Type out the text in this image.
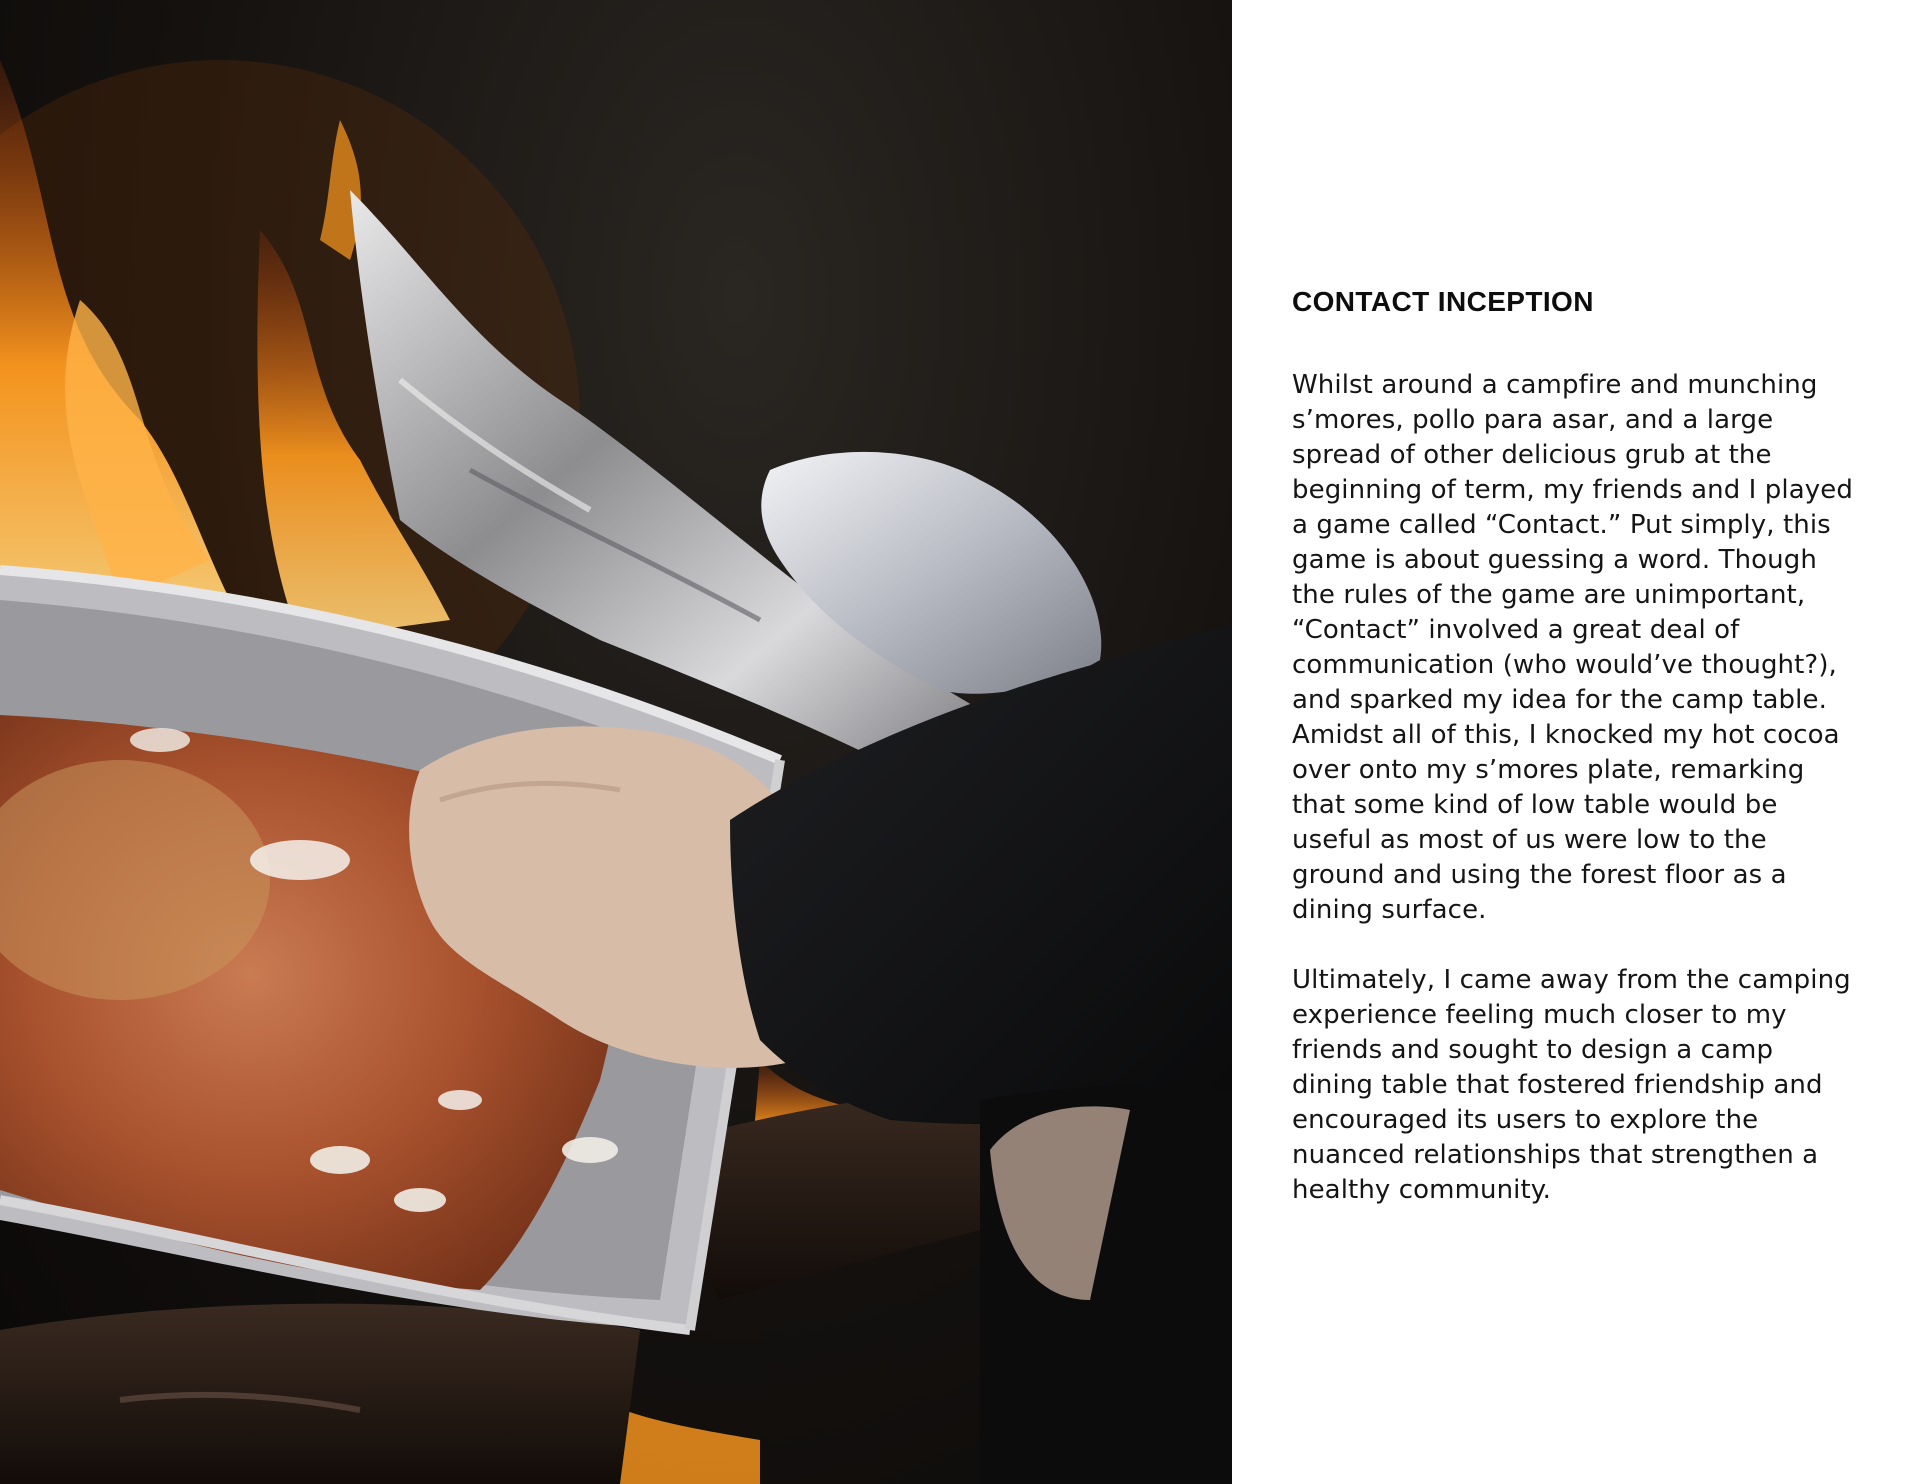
CONTACT INCEPTION

Whilst around a campfire and munching s’mores, pollo para asar, and a large spread of other delicious grub at the beginning of term, my friends and I played a game called “Contact.” Put simply, this game is about guessing a word. Though the rules of the game are unimportant, “Contact” involved a great deal of communication (who would’ve thought?), and sparked my idea for the camp table. Amidst all of this, I knocked my hot cocoa over onto my s’mores plate, remarking that some kind of low table would be useful as most of us were low to the ground and using the forest floor as a dining surface.

Ultimately, I came away from the camping experience feeling much closer to my friends and sought to design a camp dining table that fostered friendship and encouraged its users to explore the nuanced relationships that strengthen a healthy community.
